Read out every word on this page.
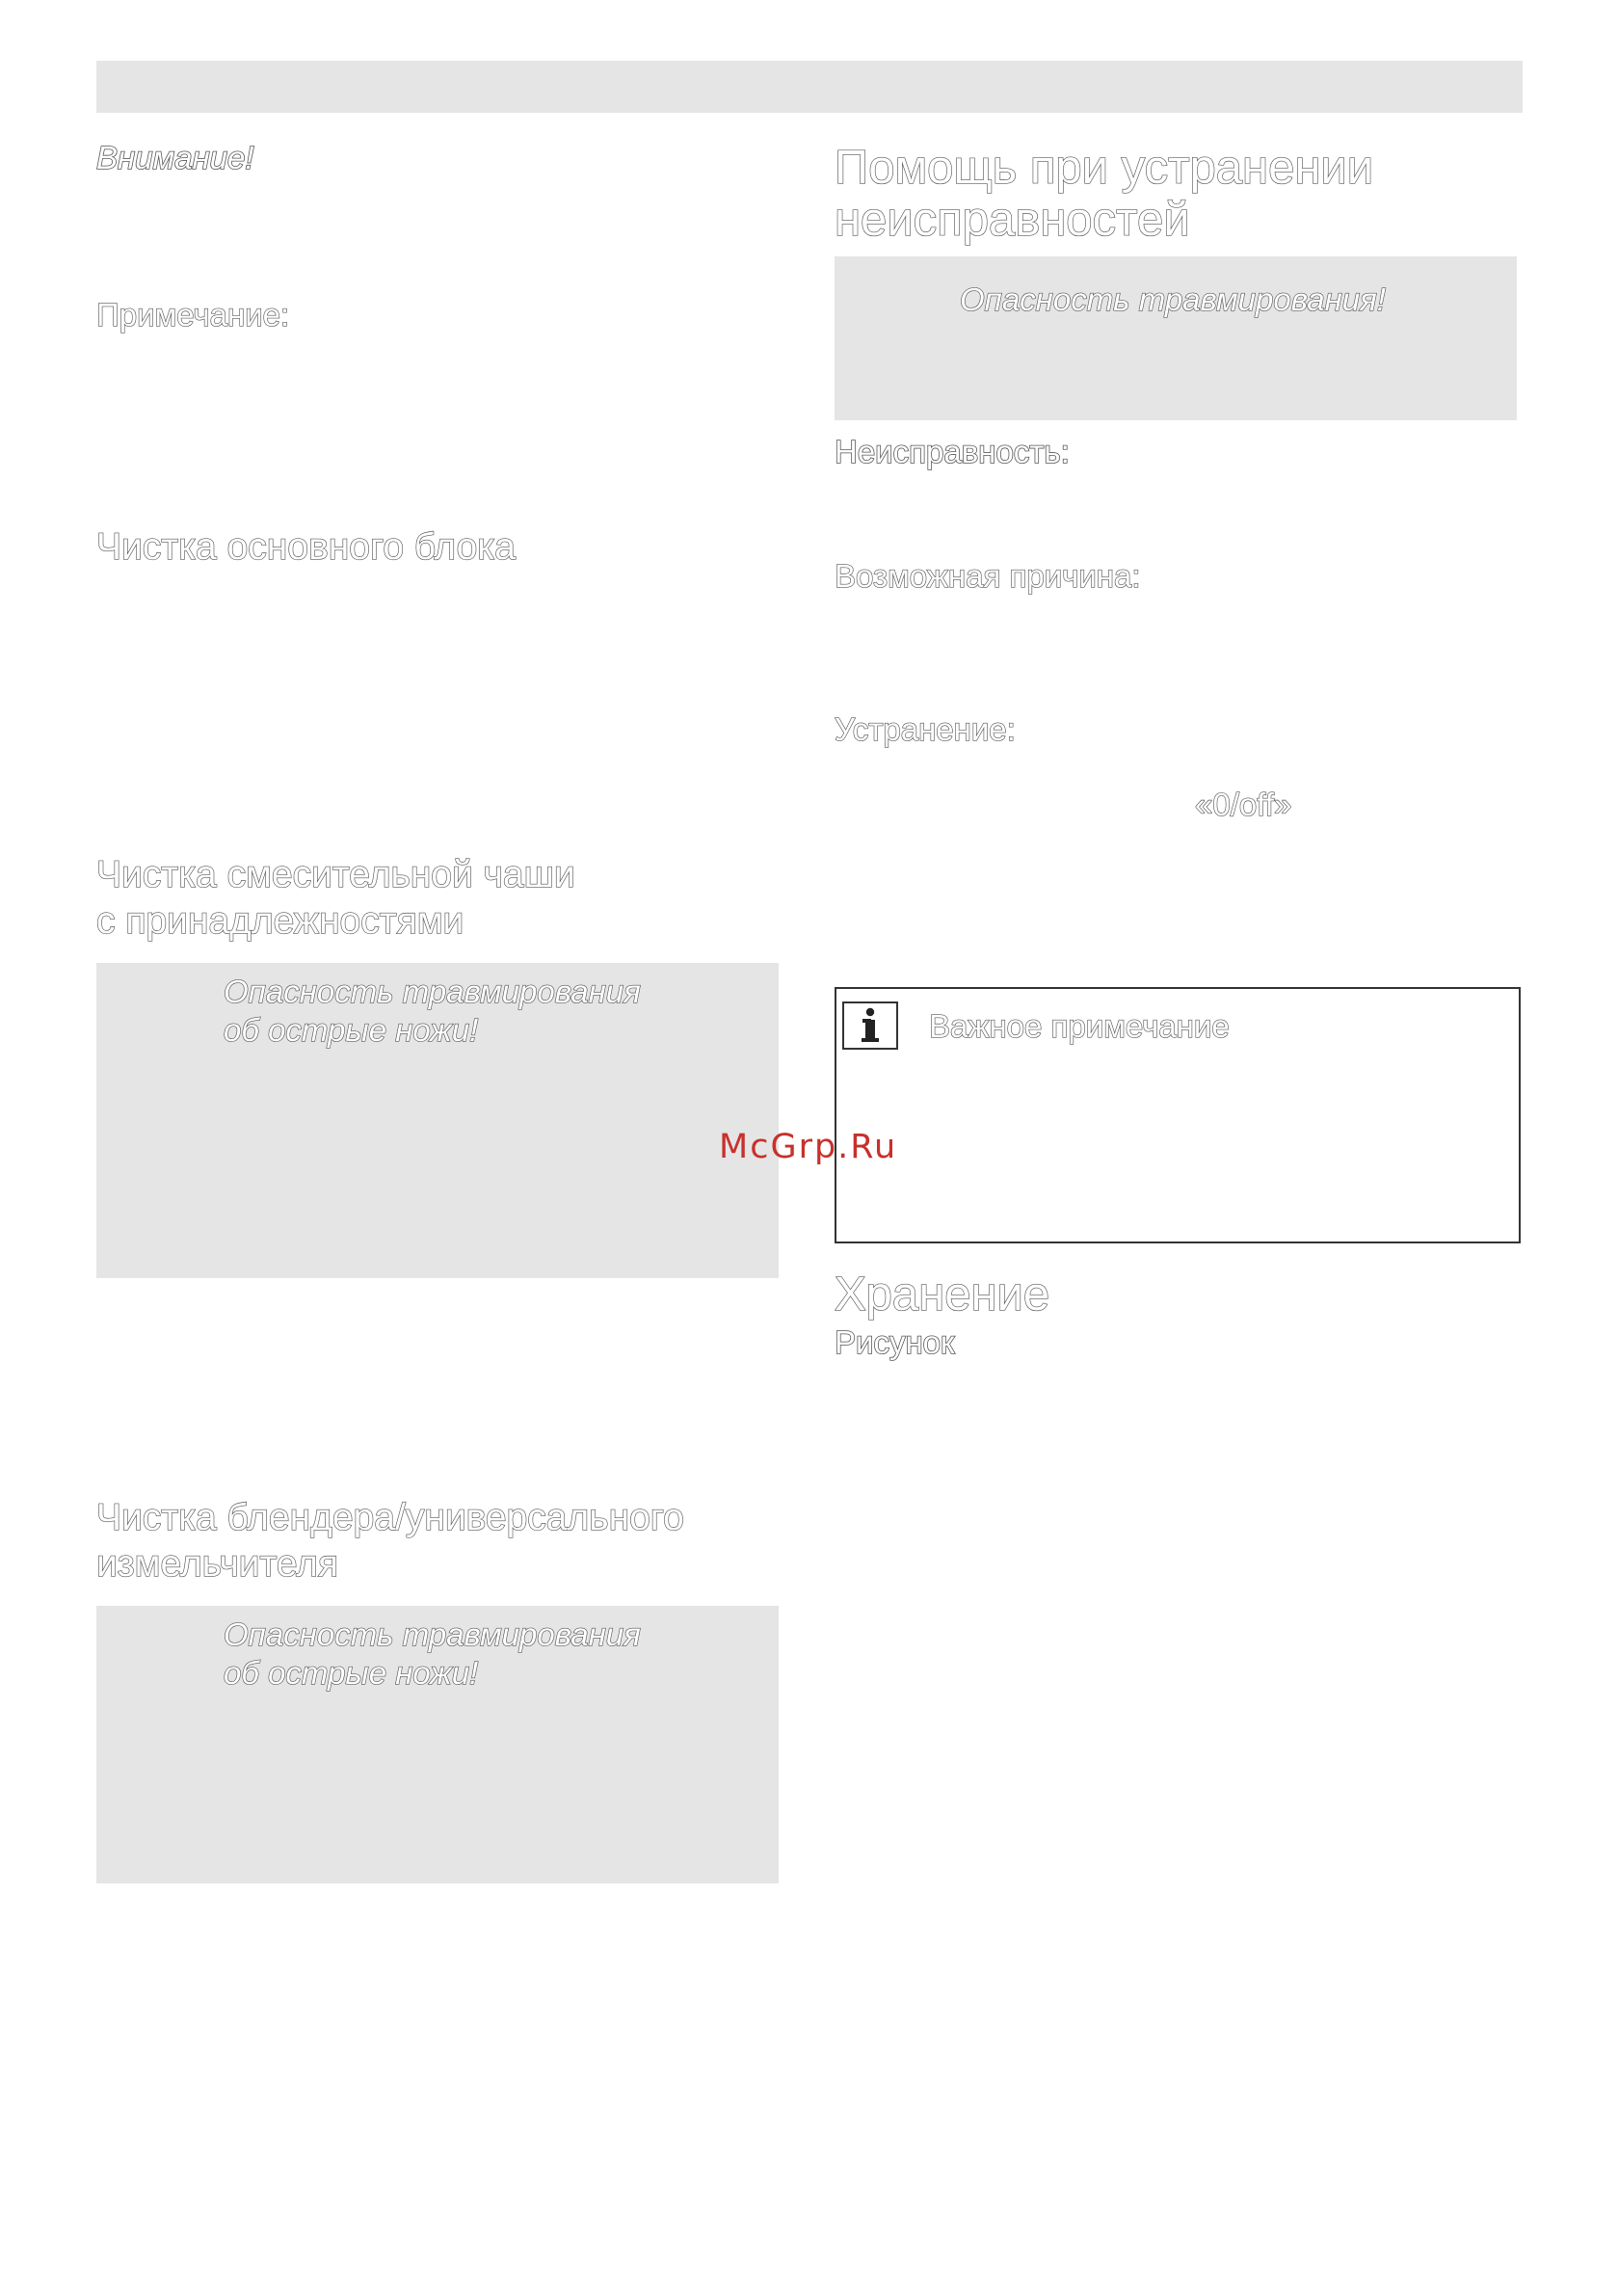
Внимание!
Примечание:
Чистка основного блока
Чистка смесительной чаши
с принадлежностями
Опасность травмирования
об острые ножи!
Чистка блендера/универсального
измельчителя
Опасность травмирования
об острые ножи!
Помощь при устранении
неисправностей
Опасность травмирования!
Неисправность:
Возможная причина:
Устранение:
«0/off»
Важное примечание
Хранение
Рисунок
McGrp.Ru
